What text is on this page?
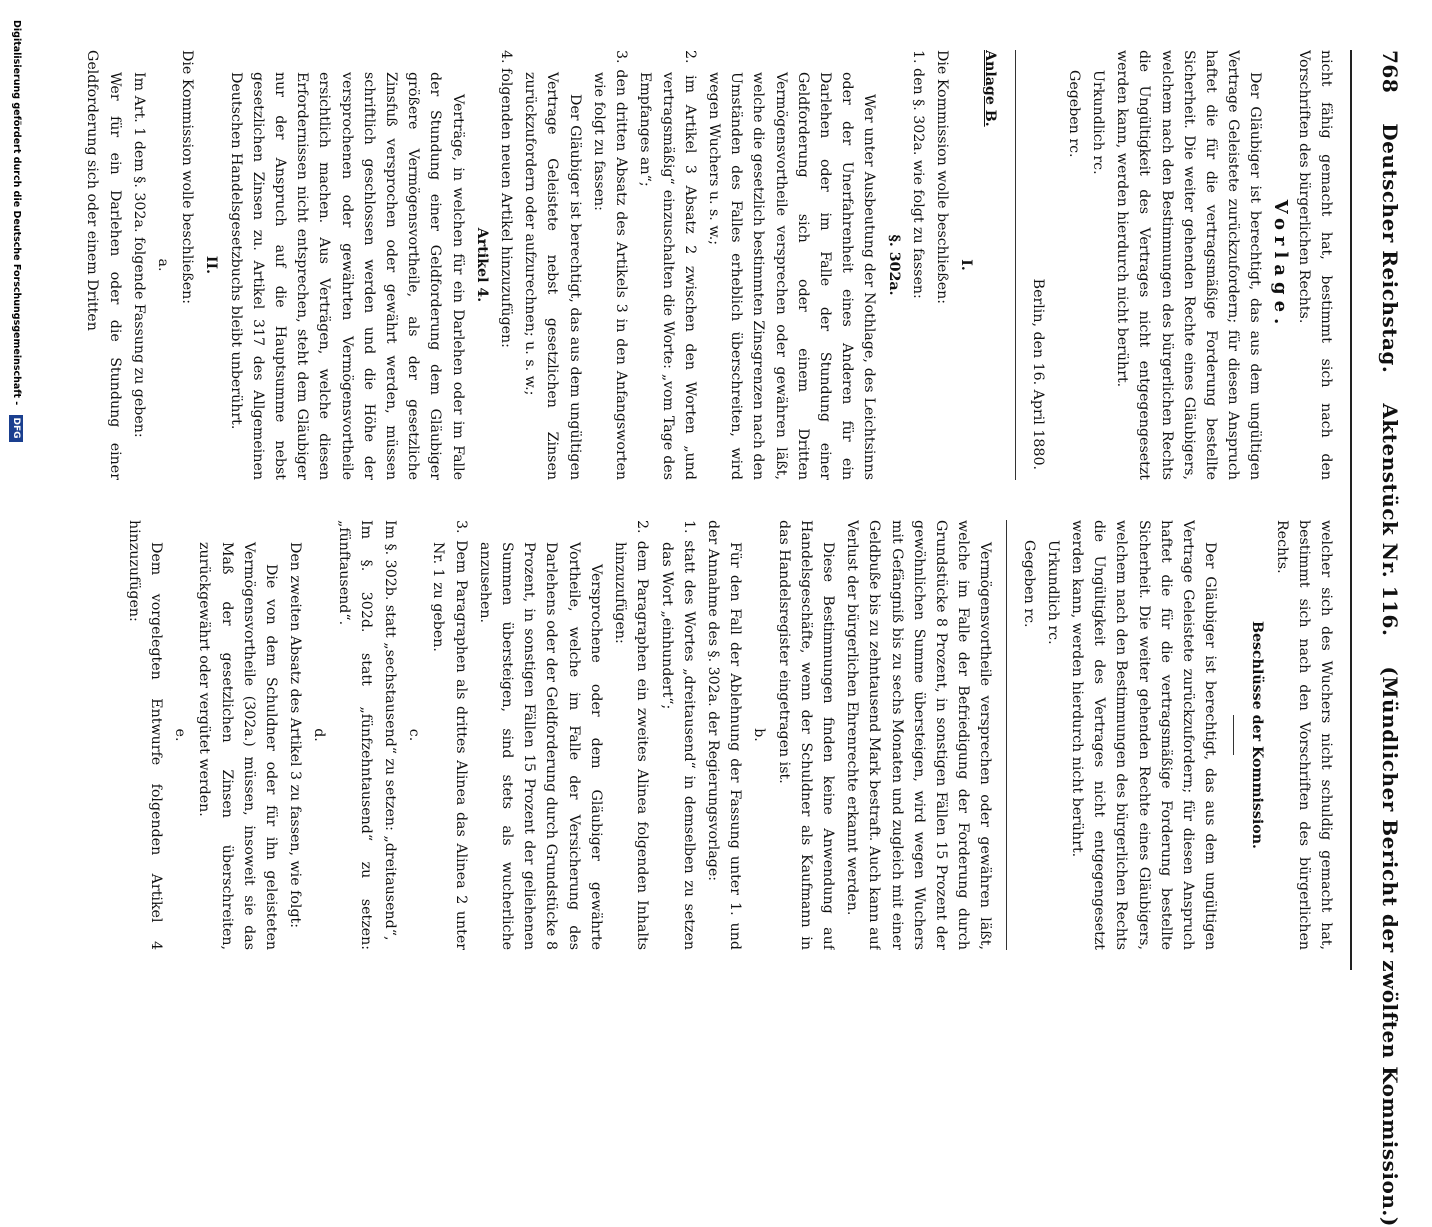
768
Deutscher Reichstag.
Aktenstück Nr. 116.
(Mündlicher Bericht der zwölften Kommission.)

nicht fähig gemacht hat, bestimmt sich nach den Vorschriften des bürgerlichen Rechts.

Vorlage.

Der Gläubiger ist berechtigt, das aus dem ungültigen Vertrage Geleistete zurückzufordern; für diesen Anspruch haftet die für die vertragsmäßige Forderung bestellte Sicherheit. Die weiter gehenden Rechte eines Gläubigers, welchem nach den Bestimmungen des bürgerlichen Rechts die Ungültigkeit des Vertrages nicht entgegengesetzt werden kann, werden hierdurch nicht berührt.

Urkundlich rc.

Gegeben rc.

Berlin, den 16. April 1880.

Anlage B.

I.

Die Kommission wolle beschließen:

1. den §. 302a. wie folgt zu fassen:

§. 302a.

Wer unter Ausbeutung der Nothlage, des Leichtsinns oder der Unerfahrenheit eines Anderen für ein Darlehen oder im Falle der Stundung einer Geldforderung sich oder einem Dritten Vermögensvortheile versprechen oder gewähren läßt, welche die gesetzlich bestimmten Zinsgrenzen nach den Umständen des Falles erheblich überschreiten, wird wegen Wuchers u. s. w.;

2. im Artikel 3 Absatz 2 zwischen den Worten „und vertragsmäßig“ einzuschalten die Worte: „vom Tage des Empfanges an“;

3. den dritten Absatz des Artikels 3 in den Anfangsworten wie folgt zu fassen:

Der Gläubiger ist berechtigt, das aus dem ungültigen Vertrage Geleistete nebst gesetzlichen Zinsen zurückzufordern oder aufzurechnen; u. s. w.;

4. folgenden neuen Artikel hinzuzufügen:

Artikel 4.

Verträge, in welchen für ein Darlehen oder im Falle der Stundung einer Geldforderung dem Gläubiger größere Vermögensvortheile, als der gesetzliche Zinsfuß versprochen oder gewährt werden, müssen schriftlich geschlossen werden und die Höhe der versprochenen oder gewährten Vermögensvortheile ersichtlich machen. Aus Verträgen, welche diesen Erfordernissen nicht entsprechen, steht dem Gläubiger nur der Anspruch auf die Hauptsumme nebst gesetzlichen Zinsen zu. Artikel 317 des Allgemeinen Deutschen Handelsgesetzbuchs bleibt unberührt.

II.

Die Kommission wolle beschließen:

a.

Im Art. 1 dem §. 302a. folgende Fassung zu geben:

Wer für ein Darlehen oder die Stundung einer Geldforderung sich oder einem Dritten

welcher sich des Wuchers nicht schuldig gemacht hat, bestimmt sich nach den Vorschriften des bürgerlichen Rechts.

Beschlüsse der Kommission.

Der Gläubiger ist berechtigt, das aus dem ungültigen Vertrage Geleistete zurückzufordern; für diesen Anspruch haftet die für die vertragsmäßige Forderung bestellte Sicherheit. Die weiter gehenden Rechte eines Gläubigers, welchem nach den Bestimmungen des bürgerlichen Rechts die Ungültigkeit des Vertrages nicht entgegengesetzt werden kann, werden hierdurch nicht berührt.

Urkundlich rc.

Gegeben rc.

Vermögensvortheile versprechen oder gewähren läßt, welche im Falle der Befriedigung der Forderung durch Grundstücke 8 Prozent, in sonstigen Fällen 15 Prozent der gewöhnlichen Summe übersteigen, wird wegen Wuchers mit Gefängniß bis zu sechs Monaten und zugleich mit einer Geldbuße bis zu zehntausend Mark bestraft. Auch kann auf Verlust der bürgerlichen Ehrenrechte erkannt werden.

Diese Bestimmungen finden keine Anwendung auf Handelsgeschäfte, wenn der Schuldner als Kaufmann in das Handelsregister eingetragen ist.

b.

Für den Fall der Ablehnung der Fassung unter 1. und der Annahme des §. 302a. der Regierungsvorlage:

1. statt des Wortes „dreitausend“ in demselben zu setzen das Wort „einhundert“;

2. dem Paragraphen ein zweites Alinea folgenden Inhalts hinzuzufügen:

Versprochene oder dem Gläubiger gewährte Vortheile, welche im Falle der Versicherung des Darlehens oder der Geldforderung durch Grundstücke 8 Prozent, in sonstigen Fällen 15 Prozent der geliehenen Summen übersteigen, sind stets als wucherliche anzusehen.

3. Dem Paragraphen als drittes Alinea das Alinea 2 unter Nr. 1 zu geben.

c.

Im §. 302b. statt „sechstausend“ zu setzen: „dreitausend“,

Im §. 302d. statt „fünfzehntausend“ zu setzen: „fünftausend“.

d.

Den zweiten Absatz des Artikel 3 zu fassen, wie folgt:

Die von dem Schuldner oder für ihn geleisteten Vermögensvortheile (302a.) müssen, insoweit sie das Maß der gesetzlichen Zinsen überschreiten, zurückgewährt oder vergütet werden.

e.

Dem vorgelegten Entwurfe folgenden Artikel 4 hinzuzufügen:

Digitalisierung gefördert durch die Deutsche Forschungsgemeinschaft - DFG
